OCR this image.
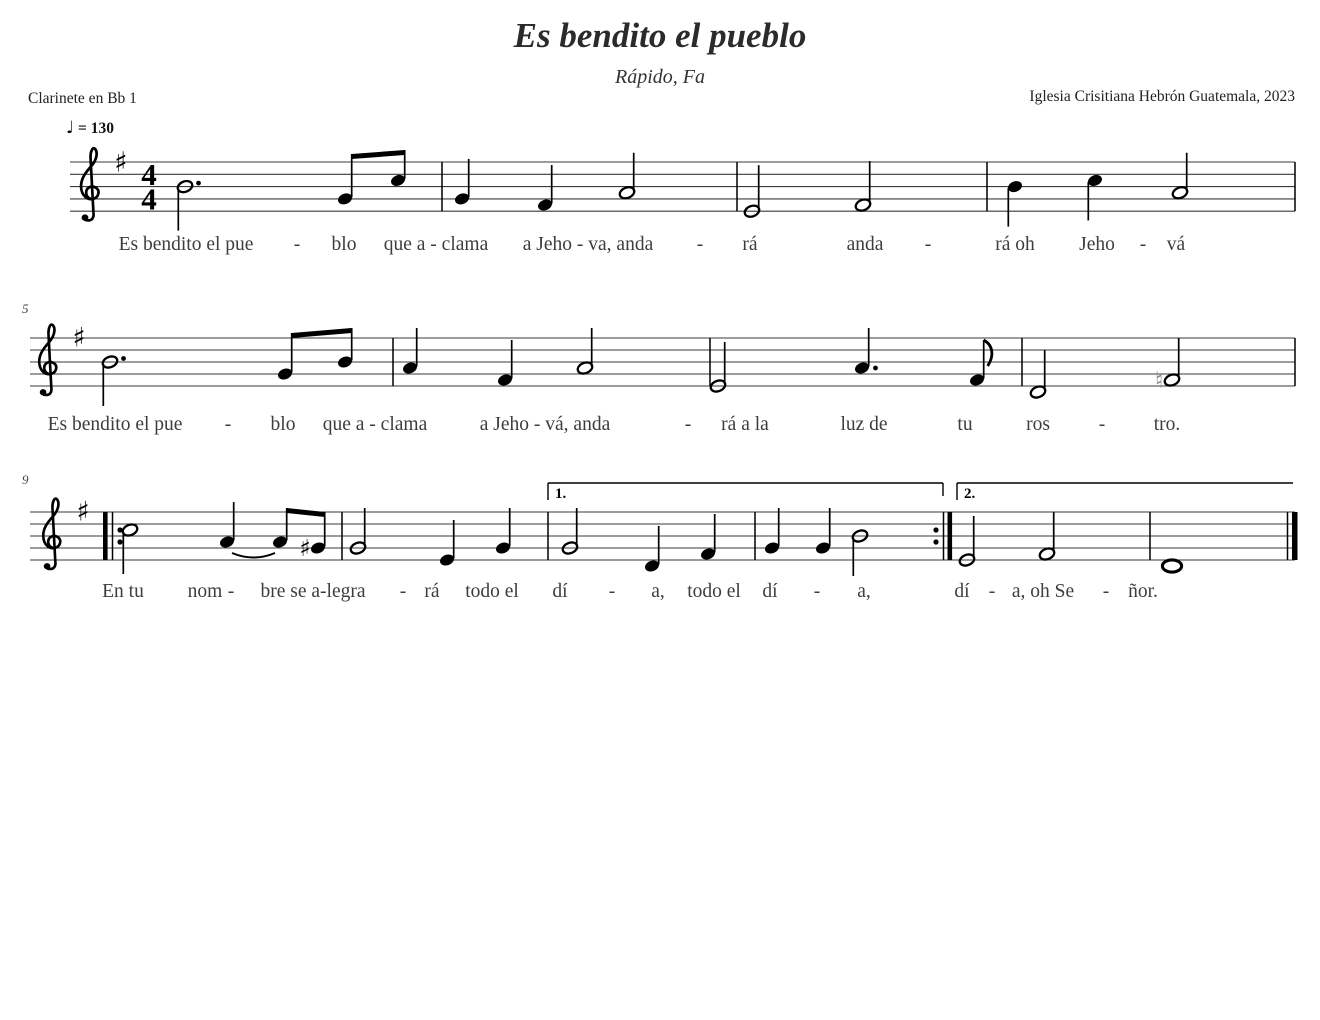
Es bendito el pueblo
Rápido, Fa
Clarinete en Bb 1	Iglesia Crisitiana Hebrón Guatemala, 2023
♩ = 130
♯ 4
4
Es bendito el pue - blo que a - clama a Jeho - va, anda - rá	anda -	rá oh Jeho - vá
5
♯
♮
Es bendito el pue - blo que a - clama	a Jeho - vá, anda	- rá a la	luz de	tu	ros	- tro.
9
♯
1.	2.
♯
En tu nom - bre se a-legra - rá todo el dí - a, todo el dí - a,	dí - a, oh Se - ñor.
